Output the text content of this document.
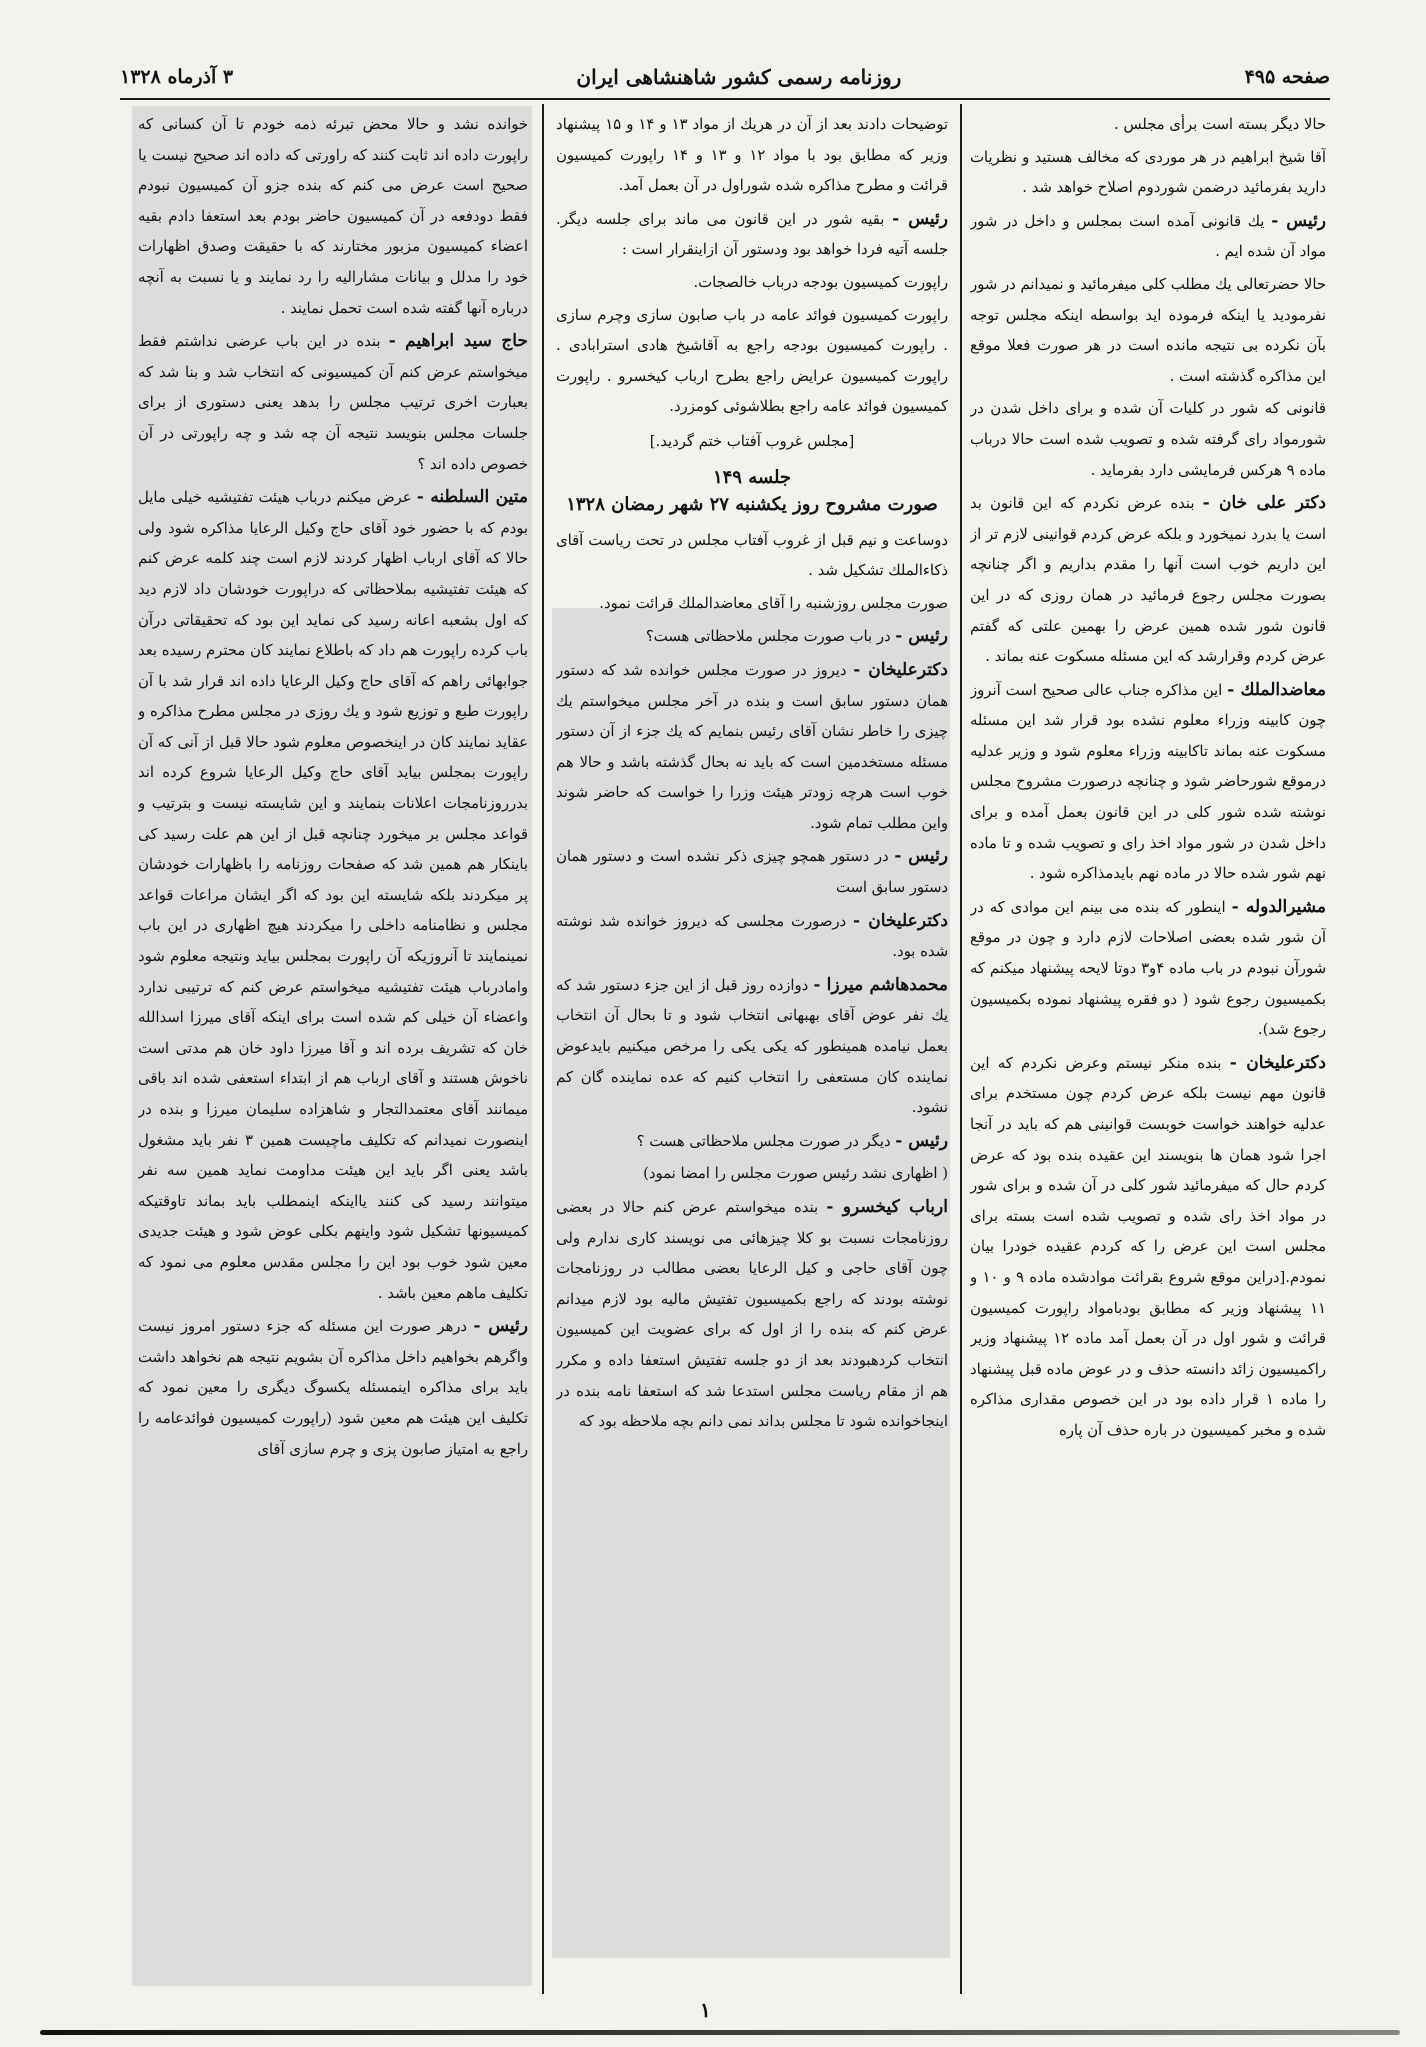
صفحه ۴۹۵
روزنامه رسمی کشور شاهنشاهی ایران
۳ آذرماه ۱۳۲۸

حالا دیگر بسته است برأی مجلس .

آقا شیخ ابراهیم در هر موردی که مخالف هستید و نظریات دارید بفرمائید درضمن شوردوم اصلاح خواهد شد .

رئیس - یك قانونی آمده است بمجلس و داخل در شور مواد آن شده ایم .

حالا حضرتعالی یك مطلب کلی میفرمائید و نمیدانم در شور نفرمودید یا اینکه فرموده اید بواسطه اینکه مجلس توجه بآن نکرده بی نتیجه مانده است در هر صورت فعلا موقع این مذاکره گذشته است .

قانونی که شور در کلیات آن شده و برای داخل شدن در شورمواد رای گرفته شده و تصویب شده است حالا درباب ماده ۹ هرکس فرمایشی دارد بفرماید .

دکتر علی خان - بنده عرض نکردم که این قانون بد است یا بدرد نمیخورد و بلکه عرض کردم قوانینی لازم تر از این داریم خوب است آنها را مقدم بداریم و اگر چنانچه بصورت مجلس رجوع فرمائید در همان روزی که در این قانون شور شده همین عرض را بهمین علتی که گفتم عرض کردم وقرارشد که این مسئله مسکوت عنه بماند .

معاضدالملك - این مذاکره جناب عالی صحیح است آنروز چون کابینه وزراء معلوم نشده بود قرار شد این مسئله مسکوت عنه بماند تاکابینه وزراء معلوم شود و وزیر عدلیه درموقع شورحاضر شود و چنانچه درصورت مشروح مجلس نوشته شده شور کلی در این قانون بعمل آمده و برای داخل شدن در شور مواد اخذ رای و تصویب شده و تا ماده نهم شور شده حالا در ماده نهم بایدمذاکره شود .

مشیرالدوله - اینطور که بنده می بینم این موادی که در آن شور شده بعضی اصلاحات لازم دارد و چون در موقع شورآن نبودم در باب ماده ۴و۳ دوتا لایحه پیشنهاد میکنم که بکمیسیون رجوع شود ( دو فقره پیشنهاد نموده بکمیسیون رجوع شد).

دکترعلیخان - بنده منکر نیستم وعرض نکردم که این قانون مهم نیست بلکه عرض کردم چون مستخدم برای عدلیه خواهند خواست خوبست قوانینی هم که باید در آنجا اجرا شود همان ها بنویسند این عقیده بنده بود که عرض کردم حال که میفرمائید شور کلی در آن شده و برای شور در مواد اخذ رای شده و تصویب شده است بسته برای مجلس است این عرض را که کردم عقیده خودرا بیان نمودم.[دراین موقع شروع بقرائت موادشده ماده ۹ و ۱۰ و ۱۱ پیشنهاد وزیر که مطابق بودبامواد راپورت کمیسیون قرائت و شور اول در آن بعمل آمد ماده ۱۲ پیشنهاد وزیر راکمیسیون زائد دانسته حذف و در عوض ماده قبل پیشنهاد را ماده ۱ قرار داده بود در این خصوص مقداری مذاکره شده و مخبر کمیسیون در باره حذف آن پاره

توضیحات دادند بعد از آن در هریك از مواد ۱۳ و ۱۴ و ۱۵ پیشنهاد وزیر که مطابق بود با مواد ۱۲ و ۱۳ و ۱۴ راپورت کمیسیون قرائت و مطرح مذاکره شده شوراول در آن بعمل آمد.

رئیس - بقیه شور در این قانون می ماند برای جلسه دیگر. جلسه آتیه فردا خواهد بود ودستور آن ازاینقرار است :

راپورت کمیسیون بودجه درباب خالصجات.

راپورت کمیسیون فوائد عامه در باب صابون سازی وچرم سازی . راپورت کمیسیون بودجه راجع به آقاشیخ هادی استرابادی . راپورت کمیسیون عرایض راجع بطرح ارباب کیخسرو . راپورت کمیسیون فوائد عامه راجع بطلاشوئی کومزرد.

[مجلس غروب آفتاب ختم گردید.]

جلسه ۱۴۹
صورت مشروح روز یکشنبه ۲۷ شهر رمضان ۱۳۲۸

دوساعت و نیم قبل از غروب آفتاب مجلس در تحت ریاست آقای ذکاءالملك تشکیل شد .

صورت مجلس روزشنبه را آقای معاضدالملك قرائت نمود.

رئیس - در باب صورت مجلس ملاحظاتی هست؟

دکترعلیخان - دیروز در صورت مجلس خوانده شد که دستور همان دستور سابق است و بنده در آخر مجلس میخواستم یك چیزی را خاطر نشان آقای رئیس بنمایم که یك جزء از آن دستور مسئله مستخدمین است که باید نه بحال گذشته باشد و حالا هم خوب است هرچه زودتر هیئت وزرا را خواست که حاضر شوند واین مطلب تمام شود.

رئیس - در دستور همچو چیزی ذکر نشده است و دستور همان دستور سابق است

دکترعلیخان - درصورت مجلسی که دیروز خوانده شد نوشته شده بود.

محمدهاشم میرزا - دوازده روز قبل از این جزء دستور شد که یك نفر عوض آقای بهبهانی انتخاب شود و تا بحال آن انتخاب بعمل نیامده همینطور که یکی یکی را مرخص میکنیم بایدعوض نماینده کان مستعفی را انتخاب کنیم که عده نماینده گان کم نشود.

رئیس - دیگر در صورت مجلس ملاحظاتی هست ؟

( اظهاری نشد رئیس صورت مجلس را امضا نمود)

ارباب کیخسرو - بنده میخواستم عرض کنم حالا در بعضی روزنامجات نسبت بو کلا چیزهائی می نویسند کاری ندارم ولی چون آقای حاجی و کیل الرعایا بعضی مطالب در روزنامجات نوشته بودند که راجع بکمیسیون تفتیش مالیه بود لازم میدانم عرض کنم که بنده را از اول که برای عضویت این کمیسیون انتخاب کردهبودند بعد از دو جلسه تفتیش استعفا داده و مکرر هم از مقام ریاست مجلس استدعا شد که استعفا نامه بنده در اینجاخوانده شود تا مجلس بداند نمی دانم بچه ملاحظه بود که

خوانده نشد و حالا محض تبرئه ذمه خودم تا آن کسانی که راپورت داده اند ثابت کنند که راورتی که داده اند صحیح نیست یا صحیح است عرض می کنم که بنده جزو آن کمیسیون نبودم فقط دودفعه در آن کمیسیون حاضر بودم بعد استعفا دادم بقیه اعضاء کمیسیون مزبور مختارند که با حقیقت وصدق اظهارات خود را مدلل و بیانات مشارالیه را رد نمایند و یا نسبت به آنچه درباره آنها گفته شده است تحمل نمایند .

حاج سید ابراهیم - بنده در این باب عرضی نداشتم فقط میخواستم عرض کنم آن کمیسیونی که انتخاب شد و بنا شد که بعبارت اخری ترتیب مجلس را بدهد یعنی دستوری از برای جلسات مجلس بنویسد نتیجه آن چه شد و چه راپورتی در آن خصوص داده اند ؟

متین السلطنه - عرض میکنم درباب هیئت تفتیشیه خیلی مایل بودم که با حضور خود آقای حاج وکیل الرعایا مذاکره شود ولی حالا که آقای ارباب اظهار کردند لازم است چند کلمه عرض کنم که هیئت تفتیشیه بملاحظاتی که دراپورت خودشان داد لازم دید که اول بشعبه اعانه رسید کی نماید این بود که تحقیقاتی درآن باب کرده راپورت هم داد که باطلاع نمایند کان محترم رسیده بعد جوابهائی راهم که آقای حاج وکیل الرعایا داده اند قرار شد با آن راپورت طبع و توزیع شود و یك روزی در مجلس مطرح مذاکره و عقاید نمایند کان در اینخصوص معلوم شود حالا قبل از آنی که آن راپورت بمجلس بیاید آقای حاج وکیل الرعایا شروع کرده اند بدرروزنامجات اعلانات بنمایند و این شایسته نیست و بترتیب و قواعد مجلس بر میخورد چنانچه قبل از این هم علت رسید کی باینکار هم همین شد که صفحات روزنامه را باظهارات خودشان پر میکردند بلکه شایسته این بود که اگر ایشان مراعات قواعد مجلس و نظامنامه داخلی را میکردند هیچ اظهاری در این باب نمینمایند تا آنروزیکه آن راپورت بمجلس بیاید ونتیجه معلوم شود وامادرباب هیئت تفتیشیه میخواستم عرض کنم که ترتیبی ندارد واعضاء آن خیلی کم شده است برای اینکه آقای میرزا اسدالله خان که تشریف برده اند و آقا میرزا داود خان هم مدتی است ناخوش هستند و آقای ارباب هم از ابتداء استعفی شده اند باقی میمانند آقای معتمدالتجار و شاهزاده سلیمان میرزا و بنده در اینصورت نمیدانم که تکلیف ماچیست همین ۳ نفر باید مشغول باشد یعنی اگر باید این هیئت مداومت نماید همین سه نفر میتوانند رسید کی کنند یااینکه اینمطلب باید بماند تاوقتیکه کمیسیونها تشکیل شود واینهم بکلی عوض شود و هیئت جدیدی معین شود خوب بود این را مجلس مقدس معلوم می نمود که تکلیف ماهم معین باشد .

رئیس - درهر صورت این مسئله که جزء دستور امروز نیست واگرهم بخواهیم داخل مذاکره آن بشویم نتیجه هم نخواهد داشت باید برای مذاکره اینمسئله یکسوگ دیگری را معین نمود که تکلیف این هیئت هم معین شود (راپورت کمیسیون فوائدعامه را راجع به امتیاز صابون پزی و چرم سازی آقای

۱
